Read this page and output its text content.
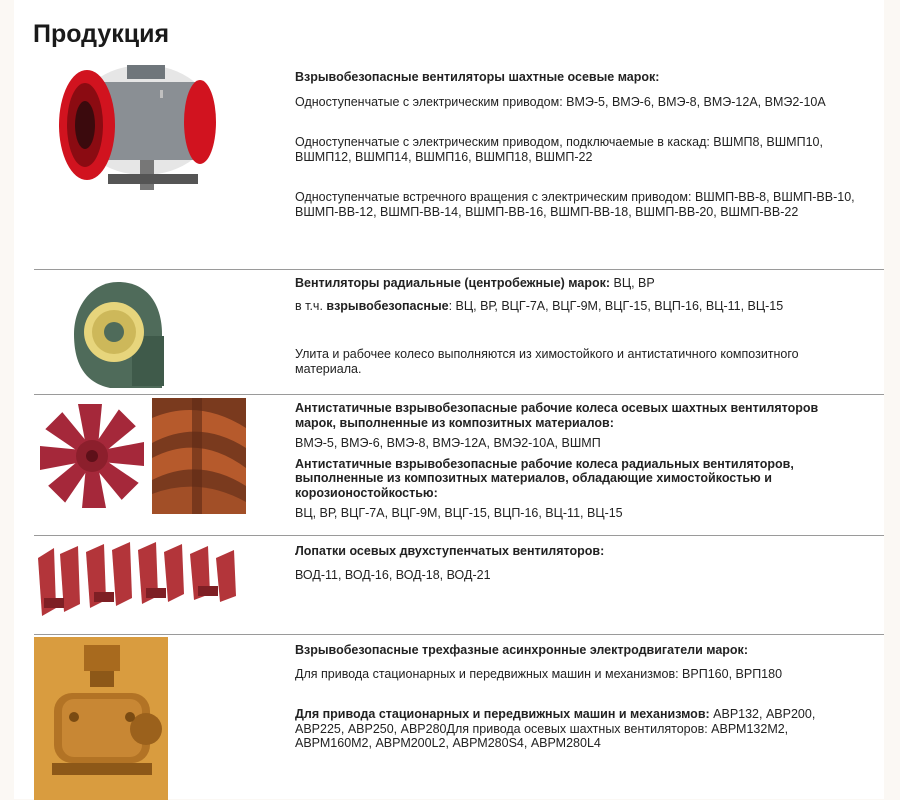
Продукция

Взрывобезопасные вентиляторы шахтные осевые марок:

Одноступенчатые с электрическим приводом: ВМЭ-5, ВМЭ-6, ВМЭ-8, ВМЭ-12А, ВМЭ2-10А

Одноступенчатые с электрическим приводом, подключаемые в каскад: ВШМП8, ВШМП10, ВШМП12, ВШМП14, ВШМП16, ВШМП18, ВШМП-22

Одноступенчатые встречного вращения с электрическим приводом: ВШМП-ВВ-8, ВШМП-ВВ-10, ВШМП-ВВ-12, ВШМП-ВВ-14, ВШМП-ВВ-16, ВШМП-ВВ-18, ВШМП-ВВ-20, ВШМП-ВВ-22

Вентиляторы радиальные (центробежные) марок: ВЦ, ВР

в т.ч. взрывобезопасные: ВЦ, ВР, ВЦГ-7А, ВЦГ-9М, ВЦГ-15, ВЦП-16, ВЦ-11, ВЦ-15

Улита и рабочее колесо выполняются из химостойкого и антистатичного композитного материала.

Антистатичные взрывобезопасные рабочие колеса осевых шахтных вентиляторов марок, выполненные из композитных материалов:

ВМЭ-5, ВМЭ-6, ВМЭ-8, ВМЭ-12А, ВМЭ2-10А, ВШМП

Антистатичные взрывобезопасные рабочие колеса радиальных вентиляторов, выполненные из композитных материалов, обладающие химостойкостью и корозионостойкостью:

ВЦ, ВР, ВЦГ-7А, ВЦГ-9М, ВЦГ-15, ВЦП-16, ВЦ-11, ВЦ-15

Лопатки осевых двухступенчатых вентиляторов:

ВОД-11, ВОД-16, ВОД-18, ВОД-21

Взрывобезопасные трехфазные асинхронные электродвигатели марок:

Для привода стационарных и передвижных машин и механизмов: ВРП160, ВРП180

Для привода стационарных и передвижных машин и механизмов: АВР132, АВР200, АВР225, АВР250, АВР280Для привода осевых шахтных вентиляторов: АВРМ132М2, АВРМ160М2, АВРМ200L2, АВРМ280S4, АВРМ280L4
